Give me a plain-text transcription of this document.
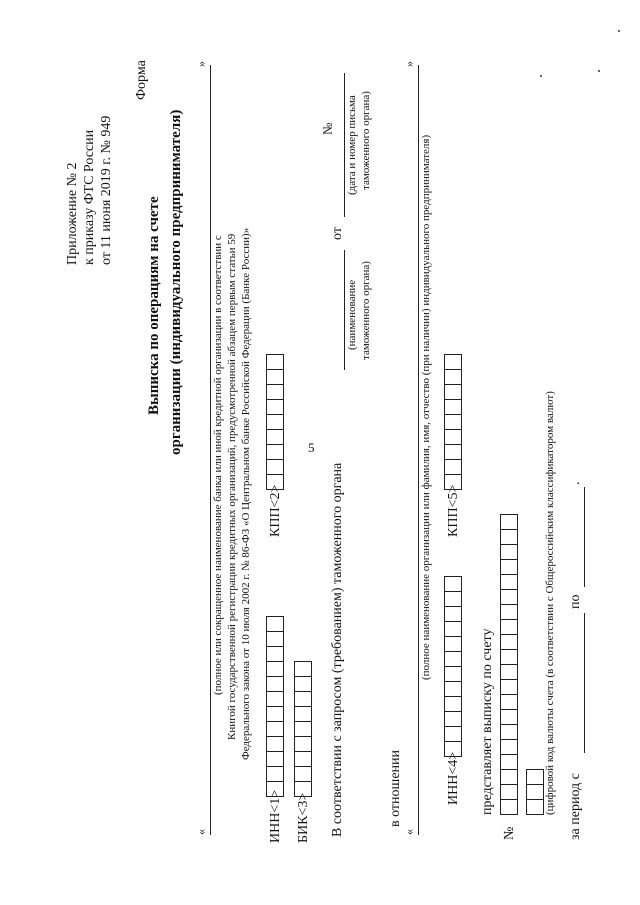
5
Приложение № 2 к приказу ФТС России от 11 июня 2019 г. № 949
Форма
Выписка по операциям на счете организации (индивидуального предпринимателя)
«
»
(полное или сокращенное наименование банка или иной кредитной организации в соответствии с Книгой государственной регистрации кредитных организаций, предусмотренной абзацем первым статьи 59 Федерального закона от 10 июля 2002 г. № 86-ФЗ «О Центральном банке Российской Федерации (Банке России)»
ИНН<1>
КПП<2>
БИК<3> В соответствии с запросом (требованием) таможенного органа
(наименование таможенного органа)
от
№ (дата и номер письма таможенного органа)
в отношении
«
»
(полное наименование организации или фамилия, имя, отчество (при наличии) индивидуального предпринимателя)
ИНН<4>
КПП<5>
представляет выписку по счету
№
(цифровой код валюты счета (в соответствии с Общероссийским классификатором валют) за период с
по
.
